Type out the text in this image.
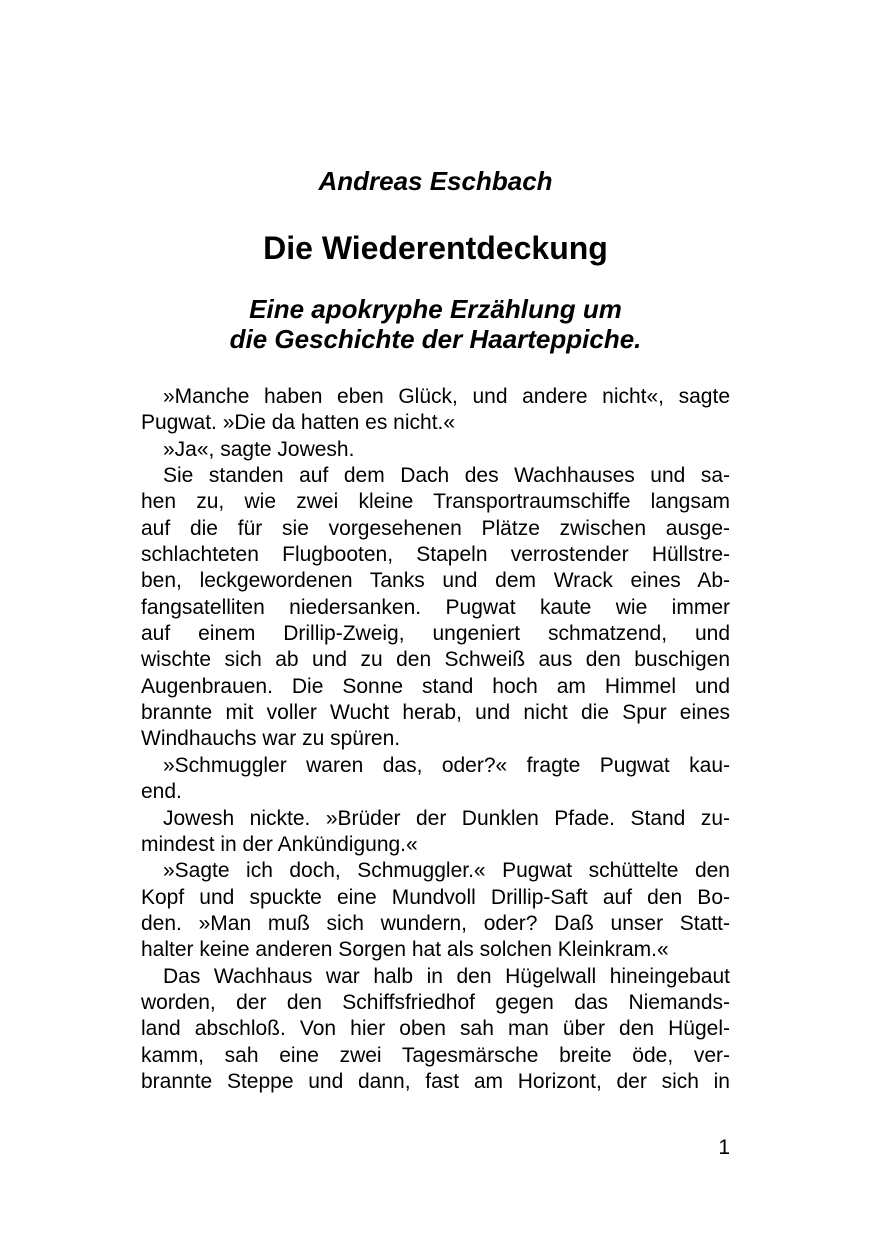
Andreas Eschbach
Die Wiederentdeckung
Eine apokryphe Erzählung um
die Geschichte der Haarteppiche.
»Manche haben eben Glück, und andere nicht«, sagte
Pugwat. »Die da hatten es nicht.«
»Ja«, sagte Jowesh.
Sie standen auf dem Dach des Wachhauses und sa-
hen zu, wie zwei kleine Transportraumschiffe langsam
auf die für sie vorgesehenen Plätze zwischen ausge-
schlachteten Flugbooten, Stapeln verrostender Hüllstre-
ben, leckgewordenen Tanks und dem Wrack eines Ab-
fangsatelliten niedersanken. Pugwat kaute wie immer
auf einem Drillip-Zweig, ungeniert schmatzend, und
wischte sich ab und zu den Schweiß aus den buschigen
Augenbrauen. Die Sonne stand hoch am Himmel und
brannte mit voller Wucht herab, und nicht die Spur eines
Windhauchs war zu spüren.
»Schmuggler waren das, oder?« fragte Pugwat kau-
end.
Jowesh nickte. »Brüder der Dunklen Pfade. Stand zu-
mindest in der Ankündigung.«
»Sagte ich doch, Schmuggler.« Pugwat schüttelte den
Kopf und spuckte eine Mundvoll Drillip-Saft auf den Bo-
den. »Man muß sich wundern, oder? Daß unser Statt-
halter keine anderen Sorgen hat als solchen Kleinkram.«
Das Wachhaus war halb in den Hügelwall hineingebaut
worden, der den Schiffsfriedhof gegen das Niemands-
land abschloß. Von hier oben sah man über den Hügel-
kamm, sah eine zwei Tagesmärsche breite öde, ver-
brannte Steppe und dann, fast am Horizont, der sich in
1
